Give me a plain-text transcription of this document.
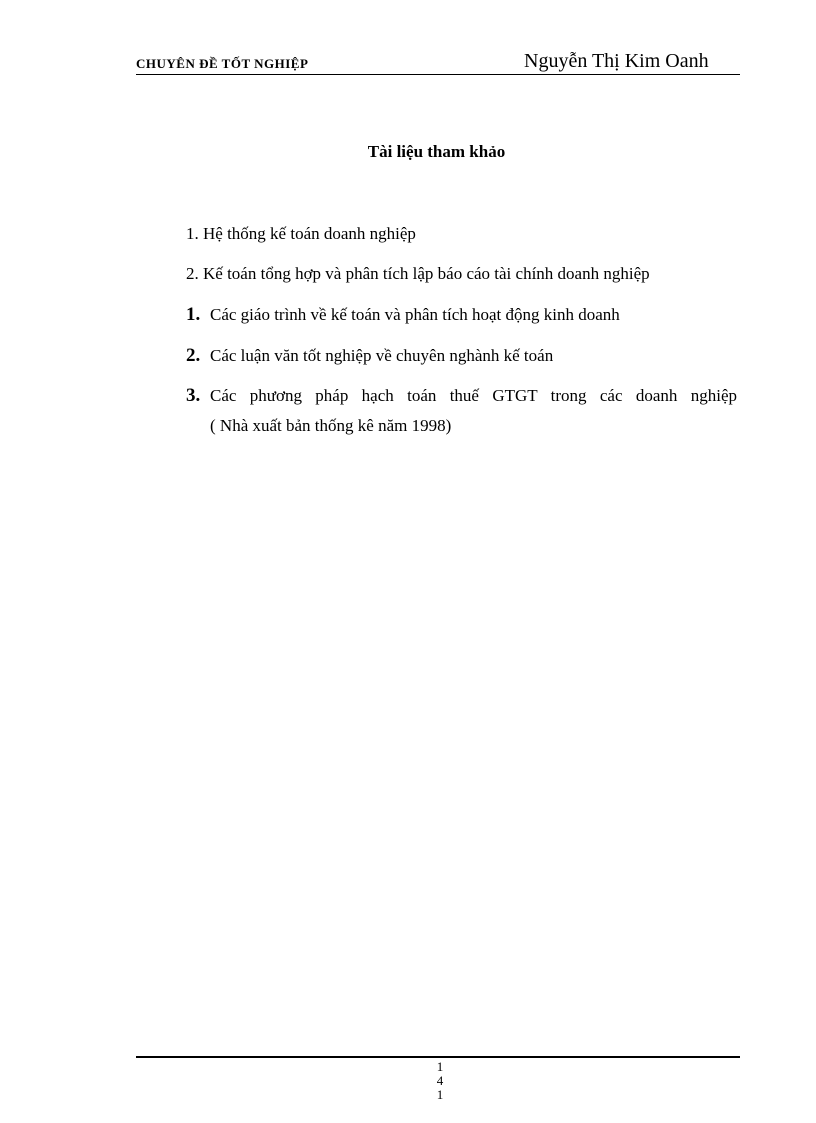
CHUYÊN ĐỀ TỐT NGHIỆP	Nguyễn Thị Kim Oanh
Tài liệu tham khảo
1. Hệ thống kế toán doanh nghiệp
2. Kế toán tổng hợp và phân tích lập báo cáo tài chính doanh nghiệp
1. Các giáo trình về kế toán và phân tích hoạt động kinh doanh
2. Các luận văn tốt nghiệp về chuyên nghành kế toán
3. Các phương pháp hạch toán thuế GTGT trong các doanh nghiệp
( Nhà xuất bản thống kê năm 1998)
1
4
1
